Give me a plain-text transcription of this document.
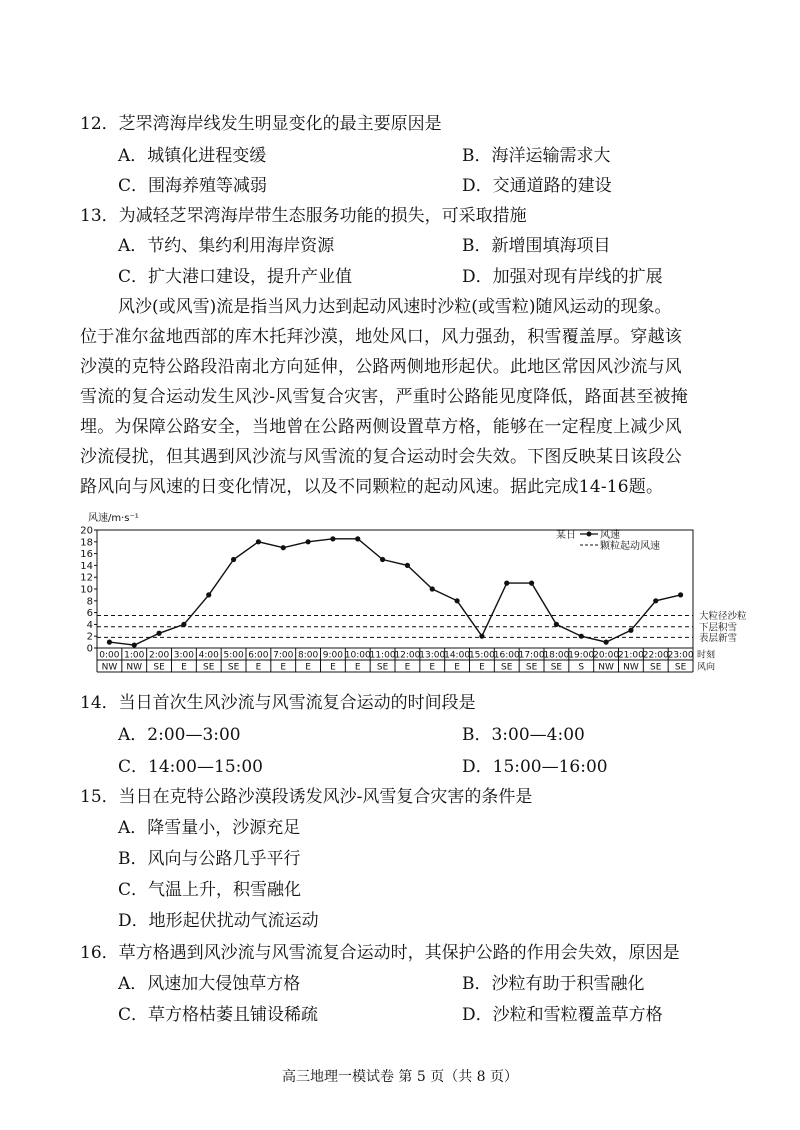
12．芝罘湾海岸线发生明显变化的最主要原因是
A．城镇化进程变缓	B．海洋运输需求大
C．围海养殖等减弱	D．交通道路的建设
13．为减轻芝罘湾海岸带生态服务功能的损失，可采取措施
A．节约、集约利用海岸资源	B．新增围填海项目
C．扩大港口建设，提升产业值	D．加强对现有岸线的扩展
风沙(或风雪)流是指当风力达到起动风速时沙粒(或雪粒)随风运动的现象。
位于准尔盆地西部的库木托拜沙漠，地处风口，风力强劲，积雪覆盖厚。穿越该
沙漠的克特公路段沿南北方向延伸，公路两侧地形起伏。此地区常因风沙流与风
雪流的复合运动发生风沙-风雪复合灾害，严重时公路能见度降低，路面甚至被掩
埋。为保障公路安全，当地曾在公路两侧设置草方格，能够在一定程度上减少风
沙流侵扰，但其遇到风沙流与风雪流的复合运动时会失效。下图反映某日该段公
路风向与风速的日变化情况，以及不同颗粒的起动风速。据此完成14-16题。
风速/m·s⁻¹
某日 风速
颗粒起动风速
0
2
4
6
8
10
12
14
16
18
20
大粒径沙粒
下层积雪
表层新雪
0:00 1:00 2:00 3:00 4:00 5:00 6:00 7:00 8:00 9:00 10:00
11:00
12:00
13:00
14:00
15:00
16:00
17:00
18:00
19:00
20:00
21:00
22:00
23:00
NW NW SE E SE SE E E E E E SE E E E E SE SE SE S NW NW SE SE
时刻
风向
14．当日首次生风沙流与风雪流复合运动的时间段是
A．2:00—3:00	B．3:00—4:00
C．14:00—15:00	D．15:00—16:00
15．当日在克特公路沙漠段诱发风沙-风雪复合灾害的条件是
A．降雪量小，沙源充足
B．风向与公路几乎平行
C．气温上升，积雪融化
D．地形起伏扰动气流运动
16．草方格遇到风沙流与风雪流复合运动时，其保护公路的作用会失效，原因是
A．风速加大侵蚀草方格	B．沙粒有助于积雪融化
C．草方格枯萎且铺设稀疏	D．沙粒和雪粒覆盖草方格
高三地理一模试卷 第 5 页（共 8 页）
